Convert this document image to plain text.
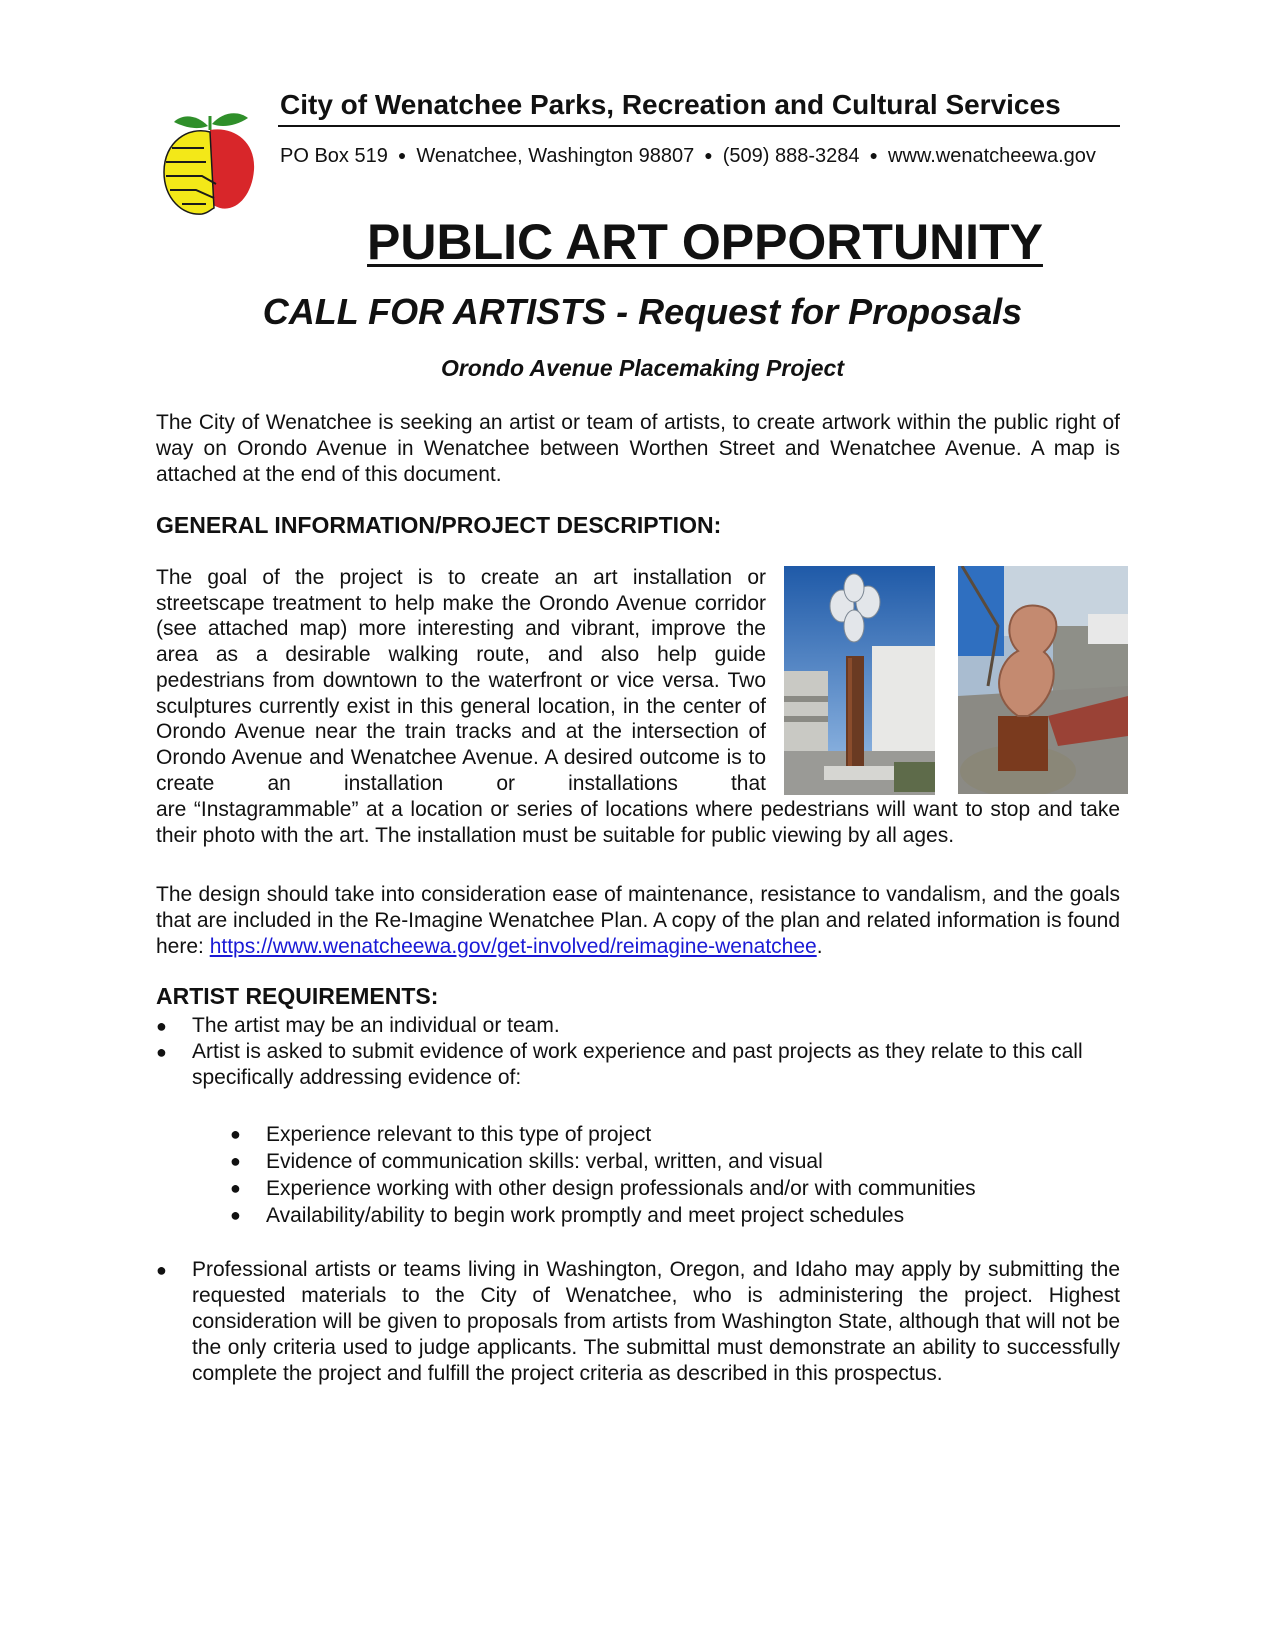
City of Wenatchee Parks, Recreation and Cultural Services
PO Box 519 ● Wenatchee, Washington 98807 ● (509) 888-3284 ● www.wenatcheewa.gov
PUBLIC ART OPPORTUNITY
CALL FOR ARTISTS - Request for Proposals
Orondo Avenue Placemaking Project

The City of Wenatchee is seeking an artist or team of artists, to create artwork within the public right of way on Orondo Avenue in Wenatchee between Worthen Street and Wenatchee Avenue. A map is attached at the end of this document.

GENERAL INFORMATION/PROJECT DESCRIPTION:

The goal of the project is to create an art installation or streetscape treatment to help make the Orondo Avenue corridor (see attached map) more interesting and vibrant, improve the area as a desirable walking route, and also help guide pedestrians from downtown to the waterfront or vice versa. Two sculptures currently exist in this general location, in the center of Orondo Avenue near the train tracks and at the intersection of Orondo Avenue and Wenatchee Avenue. A desired outcome is to create an installation or installations that

are “Instagrammable” at a location or series of locations where pedestrians will want to stop and take their photo with the art. The installation must be suitable for public viewing by all ages.

The design should take into consideration ease of maintenance, resistance to vandalism, and the goals that are included in the Re-Imagine Wenatchee Plan. A copy of the plan and related information is found here: https://www.wenatcheewa.gov/get-involved/reimagine-wenatchee.

ARTIST REQUIREMENTS:
● The artist may be an individual or team.
● Artist is asked to submit evidence of work experience and past projects as they relate to this call specifically addressing evidence of:
● Experience relevant to this type of project
● Evidence of communication skills: verbal, written, and visual
● Experience working with other design professionals and/or with communities
● Availability/ability to begin work promptly and meet project schedules
● Professional artists or teams living in Washington, Oregon, and Idaho may apply by submitting the requested materials to the City of Wenatchee, who is administering the project. Highest consideration will be given to proposals from artists from Washington State, although that will not be the only criteria used to judge applicants. The submittal must demonstrate an ability to successfully complete the project and fulfill the project criteria as described in this prospectus.
